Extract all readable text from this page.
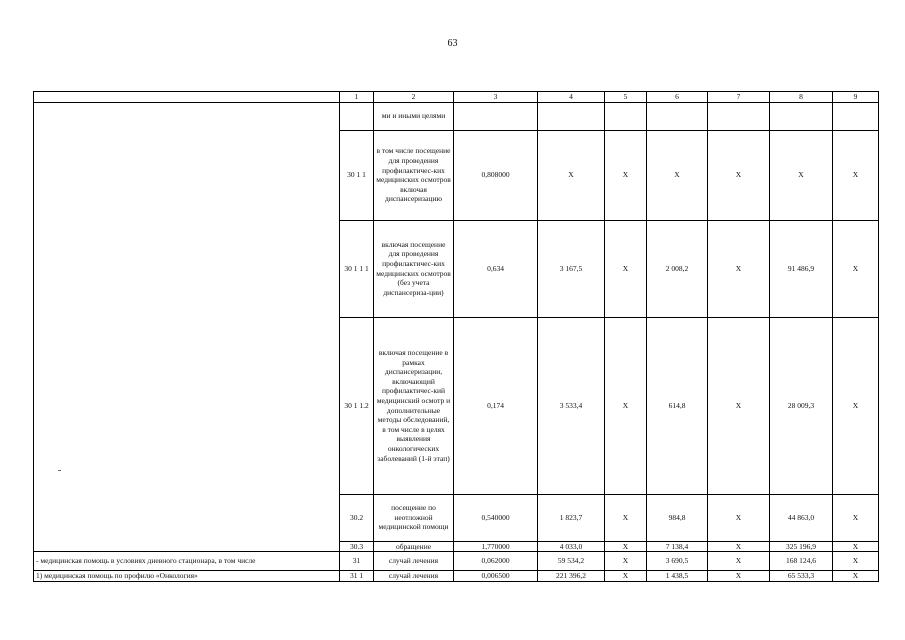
63
	1	2	3	4	5	6	7	8	9
		ми и иными целями							
	30 1 1	в том числе посещение для проведения профилактичес-ких медицинских осмотров включая диспансеризацию	0,808000	X	X	X	X	X	X
	30 1 1 1	включая посещение для проведения профилактичес-ких медицинских осмотров (без учета диспансериза-ции)	0,634	3 167,5	X	2 008,2	X	91 486,9	X
	30 1 1.2	включая посещение в рамках диспансеризации, включающий профилактичес-кий медицинский осмотр и дополнительные методы обследований, в том числе в целях выявления онкологических заболеваний (1-й этап)	0,174	3 533,4	X	614,8	X	28 009,3	X
	30.2	посещение по неотложной медицинской помощи	0,540000	1 823,7	X	984,8	X	44 863,0	X
	30.3	обращение	1,770000	4 033,0	X	7 138,4	X	325 196,9	X
- медицинская помощь в условиях дневного стационара, в том числе	31	случай лечения	0,062000	59 534,2	X	3 690,5	X	168 124,6	X
1) медицинская помощь по профилю «Онкология»	31 1	случай лечения	0,006500	221 396,2	X	1 438,5	X	65 533,3	X
